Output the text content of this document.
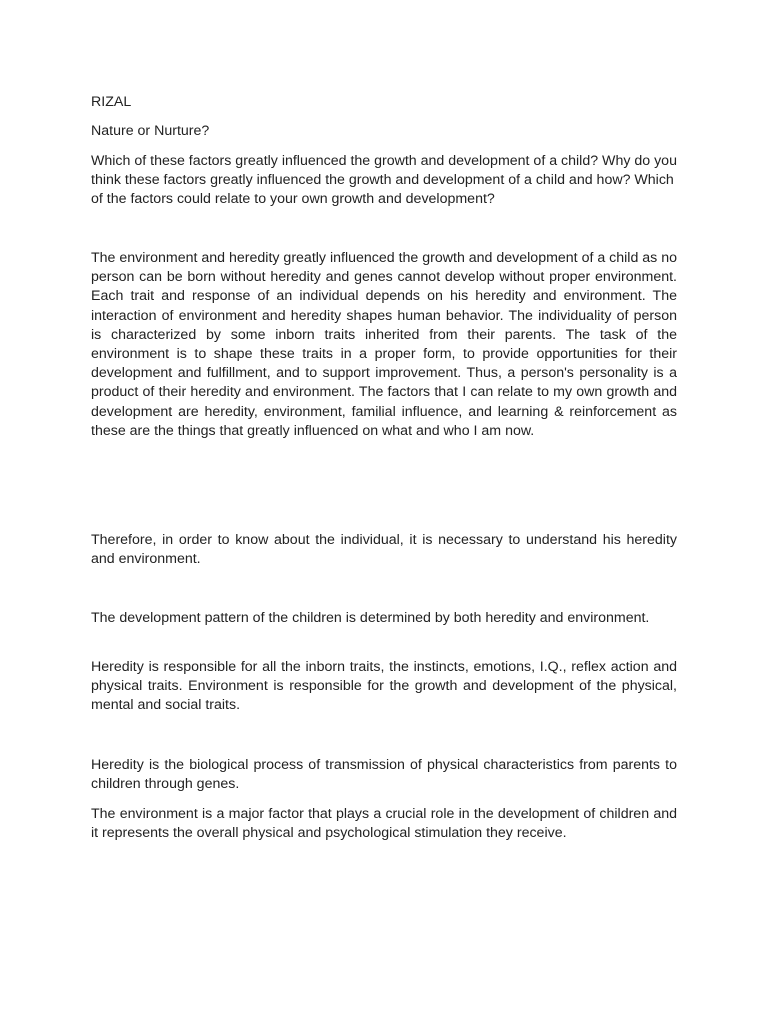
RIZAL

Nature or Nurture?

Which of these factors greatly influenced the growth and development of a child? Why do you think these factors greatly influenced the growth and development of a child and how? Which of the factors could relate to your own growth and development?

The environment and heredity greatly influenced the growth and development of a child as no person can be born without heredity and genes cannot develop without proper environment. Each trait and response of an individual depends on his heredity and environment. The interaction of environment and heredity shapes human behavior. The individuality of person is characterized by some inborn traits inherited from their parents. The task of the environment is to shape these traits in a proper form, to provide opportunities for their development and fulfillment, and to support improvement. Thus, a person's personality is a product of their heredity and environment. The factors that I can relate to my own growth and development are heredity, environment, familial influence, and learning & reinforcement as these are the things that greatly influenced on what and who I am now.

Therefore, in order to know about the individual, it is necessary to understand his heredity and environment.

The development pattern of the children is determined by both heredity and environment.

Heredity is responsible for all the inborn traits, the instincts, emotions, I.Q., reflex action and physical traits. Environment is responsible for the growth and development of the physical, mental and social traits.

Heredity is the biological process of transmission of physical characteristics from parents to children through genes.

The environment is a major factor that plays a crucial role in the development of children and it represents the overall physical and psychological stimulation they receive.
